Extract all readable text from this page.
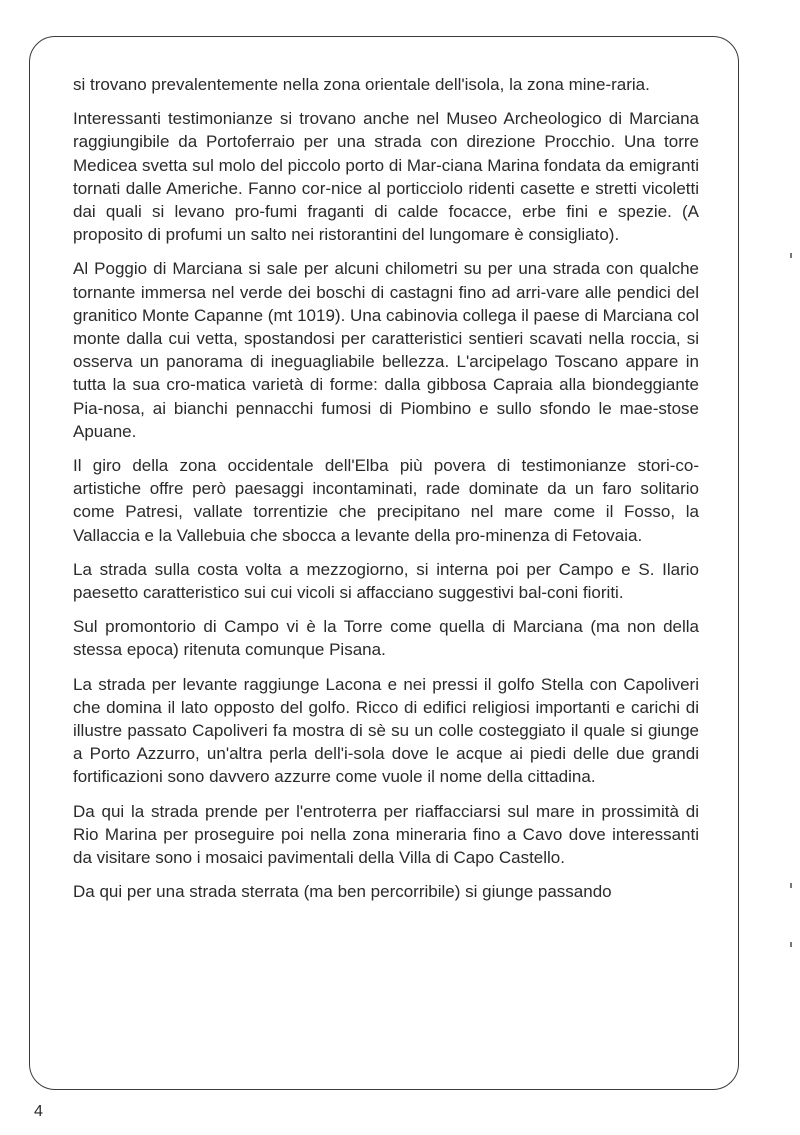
si trovano prevalentemente nella zona orientale dell'isola, la zona mine-raria.

Interessanti testimonianze si trovano anche nel Museo Archeologico di Marciana raggiungibile da Portoferraio per una strada con direzione Procchio. Una torre Medicea svetta sul molo del piccolo porto di Mar-ciana Marina fondata da emigranti tornati dalle Americhe. Fanno cor-nice al porticciolo ridenti casette e stretti vicoletti dai quali si levano pro-fumi fraganti di calde focacce, erbe fini e spezie. (A proposito di profumi un salto nei ristorantini del lungomare è consigliato).

Al Poggio di Marciana si sale per alcuni chilometri su per una strada con qualche tornante immersa nel verde dei boschi di castagni fino ad arri-vare alle pendici del granitico Monte Capanne (mt 1019). Una cabinovia collega il paese di Marciana col monte dalla cui vetta, spostandosi per caratteristici sentieri scavati nella roccia, si osserva un panorama di ineguagliabile bellezza. L'arcipelago Toscano appare in tutta la sua cro-matica varietà di forme: dalla gibbosa Capraia alla biondeggiante Pia-nosa, ai bianchi pennacchi fumosi di Piombino e sullo sfondo le mae-stose Apuane.

Il giro della zona occidentale dell'Elba più povera di testimonianze stori-co-artistiche offre però paesaggi incontaminati, rade dominate da un faro solitario come Patresi, vallate torrentizie che precipitano nel mare come il Fosso, la Vallaccia e la Vallebuia che sbocca a levante della pro-minenza di Fetovaia.

La strada sulla costa volta a mezzogiorno, si interna poi per Campo e S. Ilario paesetto caratteristico sui cui vicoli si affacciano suggestivi bal-coni fioriti.

Sul promontorio di Campo vi è la Torre come quella di Marciana (ma non della stessa epoca) ritenuta comunque Pisana.

La strada per levante raggiunge Lacona e nei pressi il golfo Stella con Capoliveri che domina il lato opposto del golfo. Ricco di edifici religiosi importanti e carichi di illustre passato Capoliveri fa mostra di sè su un colle costeggiato il quale si giunge a Porto Azzurro, un'altra perla dell'i-sola dove le acque ai piedi delle due grandi fortificazioni sono davvero azzurre come vuole il nome della cittadina.

Da qui la strada prende per l'entroterra per riaffacciarsi sul mare in prossimità di Rio Marina per proseguire poi nella zona mineraria fino a Cavo dove interessanti da visitare sono i mosaici pavimentali della Villa di Capo Castello.

Da qui per una strada sterrata (ma ben percorribile) si giunge passando

4
